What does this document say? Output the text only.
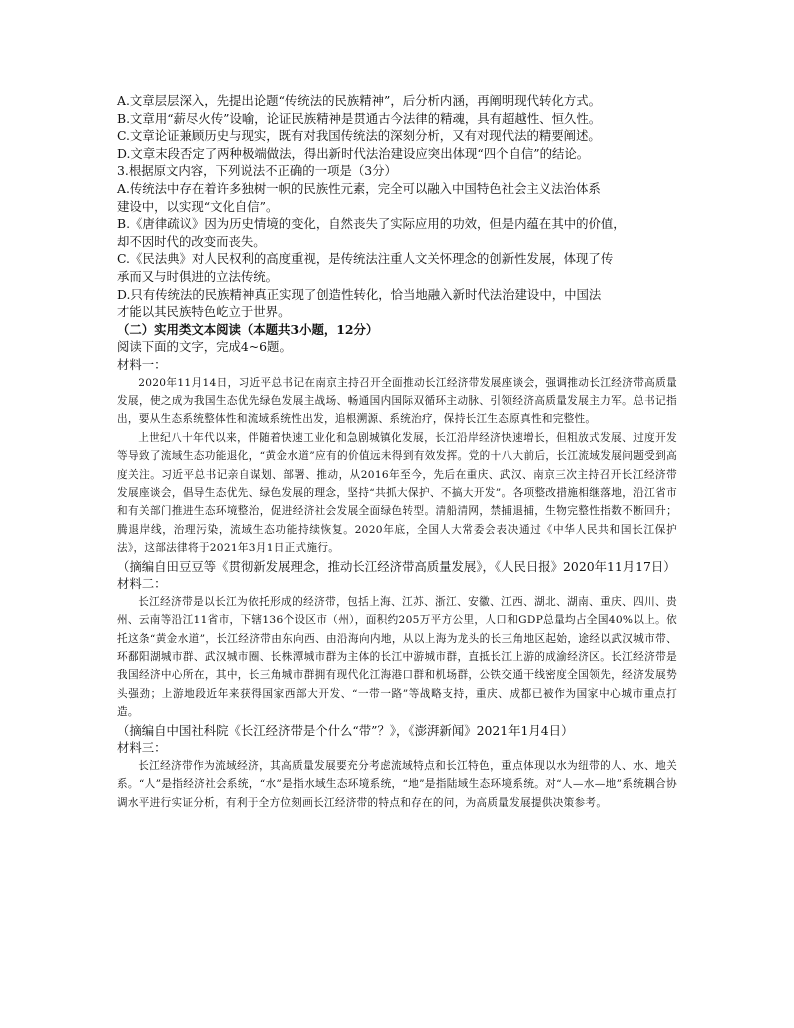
A.文章层层深入，先提出论题“传统法的民族精神”，后分析内涵，再阐明现代转化方式。
B.文章用“薪尽火传”设喻，论证民族精神是贯通古今法律的精魂，具有超越性、恒久性。
C.文章论证兼顾历史与现实，既有对我国传统法的深刻分析，又有对现代法的精要阐述。
D.文章末段否定了两种极端做法，得出新时代法治建设应突出体现“四个自信”的结论。
3.根据原文内容，下列说法不正确的一项是（3分）
A.传统法中存在着许多独树一帜的民族性元素，完全可以融入中国特色社会主义法治体系
建设中，以实现“文化自信”。
B.《唐律疏议》因为历史情境的变化，自然丧失了实际应用的功效，但是内蕴在其中的价值，
却不因时代的改变而丧失。
C.《民法典》对人民权利的高度重视，是传统法注重人文关怀理念的创新性发展，体现了传
承而又与时俱进的立法传统。
D.只有传统法的民族精神真正实现了创造性转化，恰当地融入新时代法治建设中，中国法
才能以其民族特色屹立于世界。
（二）实用类文本阅读（本题共3小题，12分）
阅读下面的文字，完成4~6题。
材料一：
2020年11月14日，习近平总书记在南京主持召开全面推动长江经济带发展座谈会，强调推动长江经济带高质量发展，使之成为我国生态优先绿色发展主战场、畅通国内国际双循环主动脉、引领经济高质量发展主力军。总书记指出，要从生态系统整体性和流域系统性出发，追根溯源、系统治疗，保持长江生态原真性和完整性。
上世纪八十年代以来，伴随着快速工业化和急剧城镇化发展，长江沿岸经济快速增长，但粗放式发展、过度开发等导致了流域生态功能退化，“黄金水道”应有的价值远未得到有效发挥。党的十八大前后，长江流域发展问题受到高度关注。习近平总书记亲自谋划、部署、推动，从2016年至今，先后在重庆、武汉、南京三次主持召开长江经济带发展座谈会，倡导生态优先、绿色发展的理念，坚持“共抓大保护、不搞大开发”。各项整改措施相继落地，沿江省市和有关部门推进生态环境整治，促进经济社会发展全面绿色转型。清船清网，禁捕退捕，生物完整性指数不断回升；腾退岸线，治理污染，流域生态功能持续恢复。2020年底，全国人大常委会表决通过《中华人民共和国长江保护法》，这部法律将于2021年3月1日正式施行。
（摘编自田豆豆等《贯彻新发展理念，推动长江经济带高质量发展》，《人民日报》2020年11月17日）
材料二：
长江经济带是以长江为依托形成的经济带，包括上海、江苏、浙江、安徽、江西、湖北、湖南、重庆、四川、贵州、云南等沿江11省市，下辖136个设区市（州），面积约205万平方公里，人口和GDP总量均占全国40%以上。依托这条“黄金水道”，长江经济带由东向西、由沿海向内地，从以上海为龙头的长三角地区起始，途经以武汉城市带、环鄱阳湖城市群、武汉城市圈、长株潭城市群为主体的长江中游城市群，直抵长江上游的成渝经济区。长江经济带是我国经济中心所在，其中，长三角城市群拥有现代化江海港口群和机场群，公铁交通干线密度全国领先，经济发展势头强劲；上游地段近年来获得国家西部大开发、“一带一路”等战略支持，重庆、成都已被作为国家中心城市重点打造。
（摘编自中国社科院《长江经济带是个什么“带”？》，《澎湃新闻》2021年1月4日）
材料三：
长江经济带作为流域经济，其高质量发展要充分考虑流域特点和长江特色，重点体现以水为纽带的人、水、地关系。“人”是指经济社会系统，“水”是指水域生态环境系统，“地”是指陆域生态环境系统。对“人—水—地”系统耦合协调水平进行实证分析，有利于全方位刻画长江经济带的特点和存在的问，为高质量发展提供决策参考。
